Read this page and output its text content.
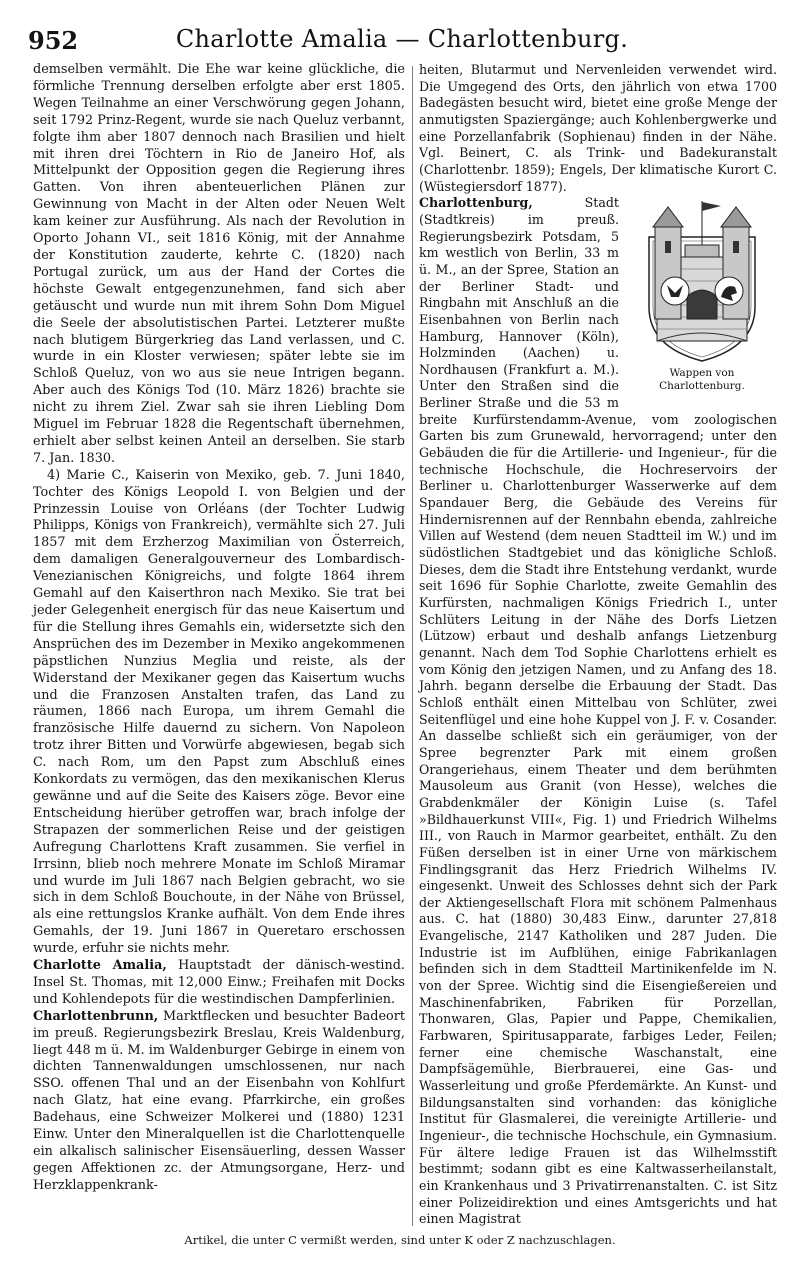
952	Charlotte Amalia — Charlottenburg.

demselben vermählt. Die Ehe war keine glückliche, die förmliche Trennung derselben erfolgte aber erst 1805. Wegen Teilnahme an einer Verschwörung gegen Johann, seit 1792 Prinz-Regent, wurde sie nach Queluz verbannt, folgte ihm aber 1807 dennoch nach Brasilien und hielt mit ihren drei Töchtern in Rio de Janeiro Hof, als Mittelpunkt der Opposition gegen die Regierung ihres Gatten. Von ihren abenteuerlichen Plänen zur Gewinnung von Macht in der Alten oder Neuen Welt kam keiner zur Ausführung. Als nach der Revolution in Oporto Johann VI., seit 1816 König, mit der Annahme der Konstitution zauderte, kehrte C. (1820) nach Portugal zurück, um aus der Hand der Cortes die höchste Gewalt entgegenzunehmen, fand sich aber getäuscht und wurde nun mit ihrem Sohn Dom Miguel die Seele der absolutistischen Partei. Letzterer mußte nach blutigem Bürgerkrieg das Land verlassen, und C. wurde in ein Kloster verwiesen; später lebte sie im Schloß Queluz, von wo aus sie neue Intrigen begann. Aber auch des Königs Tod (10. März 1826) brachte sie nicht zu ihrem Ziel. Zwar sah sie ihren Liebling Dom Miguel im Februar 1828 die Regentschaft übernehmen, erhielt aber selbst keinen Anteil an derselben. Sie starb 7. Jan. 1830.

4) Marie C., Kaiserin von Mexiko, geb. 7. Juni 1840, Tochter des Königs Leopold I. von Belgien und der Prinzessin Louise von Orléans (der Tochter Ludwig Philipps, Königs von Frankreich), vermählte sich 27. Juli 1857 mit dem Erzherzog Maximilian von Österreich, dem damaligen Generalgouverneur des Lombardisch-Venezianischen Königreichs, und folgte 1864 ihrem Gemahl auf den Kaiserthron nach Mexiko. Sie trat bei jeder Gelegenheit energisch für das neue Kaisertum und für die Stellung ihres Gemahls ein, widersetzte sich den Ansprüchen des im Dezember in Mexiko angekommenen päpstlichen Nunzius Meglia und reiste, als der Widerstand der Mexikaner gegen das Kaisertum wuchs und die Franzosen Anstalten trafen, das Land zu räumen, 1866 nach Europa, um ihrem Gemahl die französische Hilfe dauernd zu sichern. Von Napoleon trotz ihrer Bitten und Vorwürfe abgewiesen, begab sich C. nach Rom, um den Papst zum Abschluß eines Konkordats zu vermögen, das den mexikanischen Klerus gewänne und auf die Seite des Kaisers zöge. Bevor eine Entscheidung hierüber getroffen war, brach infolge der Strapazen der sommerlichen Reise und der geistigen Aufregung Charlottens Kraft zusammen. Sie verfiel in Irrsinn, blieb noch mehrere Monate im Schloß Miramar und wurde im Juli 1867 nach Belgien gebracht, wo sie sich in dem Schloß Bouchoute, in der Nähe von Brüssel, als eine rettungslos Kranke aufhält. Von dem Ende ihres Gemahls, der 19. Juni 1867 in Queretaro erschossen wurde, erfuhr sie nichts mehr.

Charlotte Amalia, Hauptstadt der dänisch-westind. Insel St. Thomas, mit 12,000 Einw.; Freihafen mit Docks und Kohlendepots für die westindischen Dampferlinien.

Charlottenbrunn, Marktflecken und besuchter Badeort im preuß. Regierungsbezirk Breslau, Kreis Waldenburg, liegt 448 m ü. M. im Waldenburger Gebirge in einem von dichten Tannenwaldungen umschlossenen, nur nach SSO. offenen Thal und an der Eisenbahn von Kohlfurt nach Glatz, hat eine evang. Pfarrkirche, ein großes Badehaus, eine Schweizer Molkerei und (1880) 1231 Einw. Unter den Mineralquellen ist die Charlottenquelle ein alkalisch salinischer Eisensäuerling, dessen Wasser gegen Affektionen zc. der Atmungsorgane, Herz- und Herzklappenkrank-

heiten, Blutarmut und Nervenleiden verwendet wird. Die Umgegend des Orts, den jährlich von etwa 1700 Badegästen besucht wird, bietet eine große Menge der anmutigsten Spaziergänge; auch Kohlenbergwerke und eine Porzellanfabrik (Sophienau) finden in der Nähe. Vgl. Beinert, C. als Trink- und Badekuranstalt (Charlottenbr. 1859); Engels, Der klimatische Kurort C. (Wüstegiersdorf 1877).

Wappen von Charlottenburg.
Charlottenburg, Stadt (Stadtkreis) im preuß. Regierungsbezirk Potsdam, 5 km westlich von Berlin, 33 m ü. M., an der Spree, Station an der Berliner Stadt- und Ringbahn mit Anschluß an die Eisenbahnen von Berlin nach Hamburg, Hannover (Köln), Holzminden (Aachen) u. Nordhausen (Frankfurt a. M.). Unter den Straßen sind die Berliner Straße und die 53 m breite Kurfürstendamm-Avenue, vom zoologischen Garten bis zum Grunewald, hervorragend; unter den Gebäuden die für die Artillerie- und Ingenieur-, für die technische Hochschule, die Hochreservoirs der Berliner u. Charlottenburger Wasserwerke auf dem Spandauer Berg, die Gebäude des Vereins für Hindernisrennen auf der Rennbahn ebenda, zahlreiche Villen auf Westend (dem neuen Stadtteil im W.) und im südöstlichen Stadtgebiet und das königliche Schloß. Dieses, dem die Stadt ihre Entstehung verdankt, wurde seit 1696 für Sophie Charlotte, zweite Gemahlin des Kurfürsten, nachmaligen Königs Friedrich I., unter Schlüters Leitung in der Nähe des Dorfs Lietzen (Lützow) erbaut und deshalb anfangs Lietzenburg genannt. Nach dem Tod Sophie Charlottens erhielt es vom König den jetzigen Namen, und zu Anfang des 18. Jahrh. begann derselbe die Erbauung der Stadt. Das Schloß enthält einen Mittelbau von Schlüter, zwei Seitenflügel und eine hohe Kuppel von J. F. v. Cosander. An dasselbe schließt sich ein geräumiger, von der Spree begrenzter Park mit einem großen Orangeriehaus, einem Theater und dem berühmten Mausoleum aus Granit (von Hesse), welches die Grabdenkmäler der Königin Luise (s. Tafel »Bildhauerkunst VIII«, Fig. 1) und Friedrich Wilhelms III., von Rauch in Marmor gearbeitet, enthält. Zu den Füßen derselben ist in einer Urne von märkischem Findlingsgranit das Herz Friedrich Wilhelms IV. eingesenkt. Unweit des Schlosses dehnt sich der Park der Aktiengesellschaft Flora mit schönem Palmenhaus aus. C. hat (1880) 30,483 Einw., darunter 27,818 Evangelische, 2147 Katholiken und 287 Juden. Die Industrie ist im Aufblühen, einige Fabrikanlagen befinden sich in dem Stadtteil Martinikenfelde im N. von der Spree. Wichtig sind die Eisengießereien und Maschinenfabriken, Fabriken für Porzellan, Thonwaren, Glas, Papier und Pappe, Chemikalien, Farbwaren, Spiritusapparate, farbiges Leder, Feilen; ferner eine chemische Waschanstalt, eine Dampfsägemühle, Bierbrauerei, eine Gas- und Wasserleitung und große Pferdemärkte. An Kunst- und Bildungsanstalten sind vorhanden: das königliche Institut für Glasmalerei, die vereinigte Artillerie- und Ingenieur-, die technische Hochschule, ein Gymnasium. Für ältere ledige Frauen ist das Wilhelmsstift bestimmt; sodann gibt es eine Kaltwasserheilanstalt, ein Krankenhaus und 3 Privatirrenanstalten. C. ist Sitz einer Polizeidirektion und eines Amtsgerichts und hat einen Magistrat

Artikel, die unter C vermißt werden, sind unter K oder Z nachzuschlagen.
